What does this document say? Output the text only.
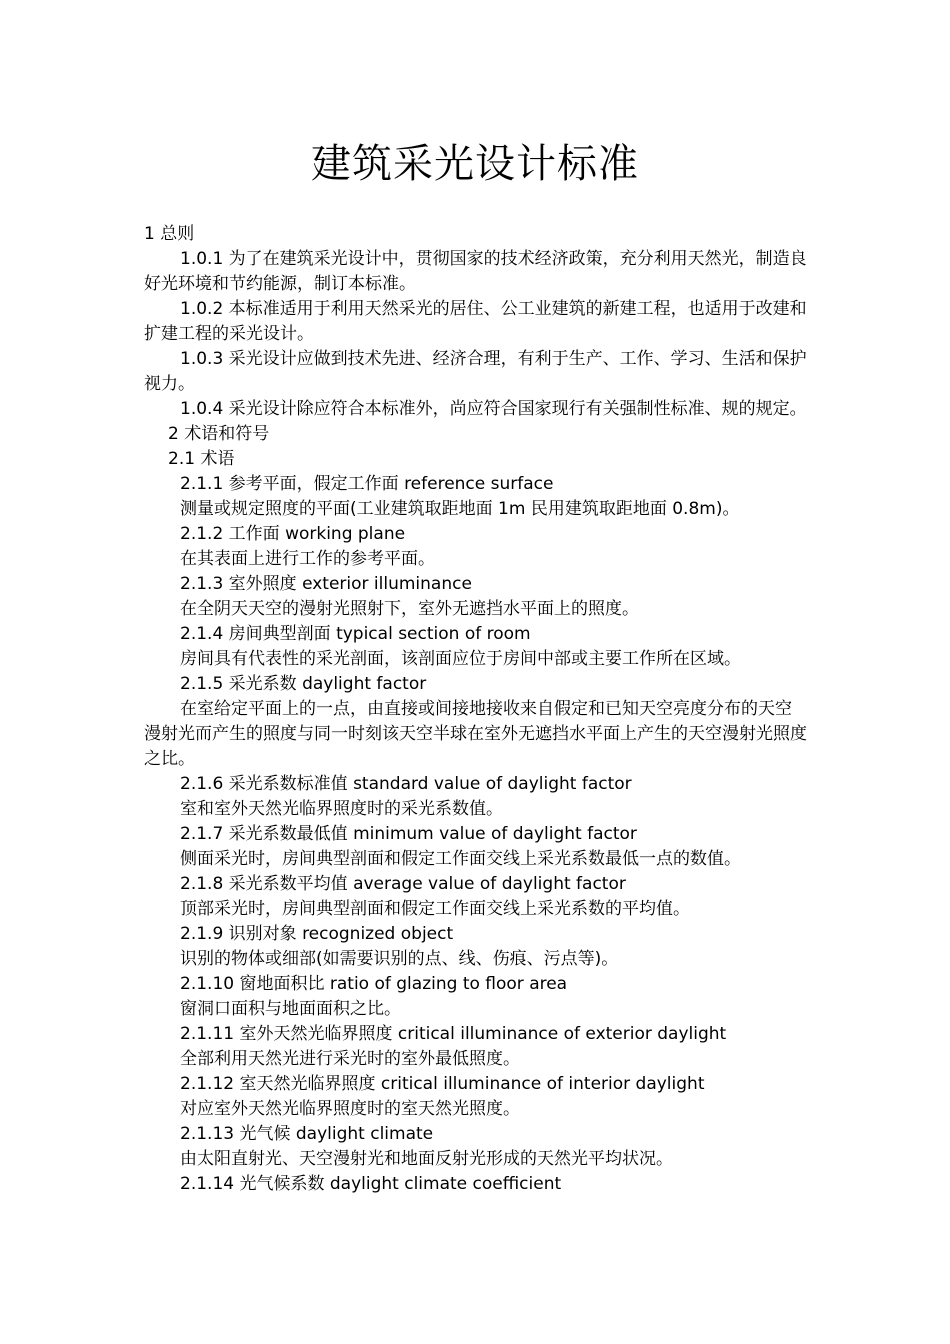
建筑采光设计标准

1 总则

1.0.1 为了在建筑采光设计中，贯彻国家的技术经济政策，充分利用天然光，制造良好光环境和节约能源，制订本标准。

1.0.2 本标准适用于利用天然采光的居住、公工业建筑的新建工程，也适用于改建和扩建工程的采光设计。

1.0.3 采光设计应做到技术先进、经济合理，有利于生产、工作、学习、生活和保护视力。

1.0.4 采光设计除应符合本标准外，尚应符合国家现行有关强制性标准、规的规定。

2 术语和符号

2.1 术语

2.1.1 参考平面，假定工作面 reference surface

测量或规定照度的平面(工业建筑取距地面 1m 民用建筑取距地面 0.8m)。

2.1.2 工作面 working plane

在其表面上进行工作的参考平面。

2.1.3 室外照度 exterior illuminance

在全阴天天空的漫射光照射下，室外无遮挡水平面上的照度。

2.1.4 房间典型剖面 typical section of room

房间具有代表性的采光剖面，该剖面应位于房间中部或主要工作所在区域。

2.1.5 采光系数 daylight factor

在室给定平面上的一点，由直接或间接地接收来自假定和已知天空亮度分布的天空漫射光而产生的照度与同一时刻该天空半球在室外无遮挡水平面上产生的天空漫射光照度之比。

2.1.6 采光系数标准值 standard value of daylight factor

室和室外天然光临界照度时的采光系数值。

2.1.7 采光系数最低值 minimum value of daylight factor

侧面采光时，房间典型剖面和假定工作面交线上采光系数最低一点的数值。

2.1.8 采光系数平均值 average value of daylight factor

顶部采光时，房间典型剖面和假定工作面交线上采光系数的平均值。

2.1.9 识别对象 recognized object

识别的物体或细部(如需要识别的点、线、伤痕、污点等)。

2.1.10 窗地面积比 ratio of glazing to floor area

窗洞口面积与地面面积之比。

2.1.11 室外天然光临界照度 critical illuminance of exterior daylight

全部利用天然光进行采光时的室外最低照度。

2.1.12 室天然光临界照度 critical illuminance of interior daylight

对应室外天然光临界照度时的室天然光照度。

2.1.13 光气候 daylight climate

由太阳直射光、天空漫射光和地面反射光形成的天然光平均状况。

2.1.14 光气候系数 daylight climate coefficient
